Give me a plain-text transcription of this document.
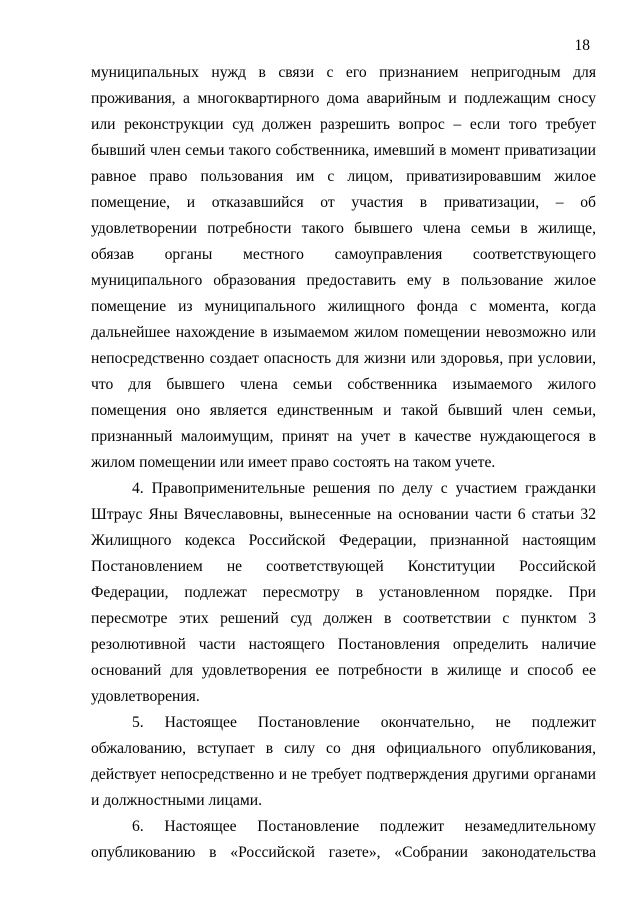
18

муниципальных нужд в связи с его признанием непригодным для проживания, а многоквартирного дома аварийным и подлежащим сносу или реконструкции суд должен разрешить вопрос – если того требует бывший член семьи такого собственника, имевший в момент приватизации равное право пользования им с лицом, приватизировавшим жилое помещение, и отказавшийся от участия в приватизации, – об удовлетворении потребности такого бывшего члена семьи в жилище, обязав органы местного самоуправления соответствующего муниципального образования предоставить ему в пользование жилое помещение из муниципального жилищного фонда с момента, когда дальнейшее нахождение в изымаемом жилом помещении невозможно или непосредственно создает опасность для жизни или здоровья, при условии, что для бывшего члена семьи собственника изымаемого жилого помещения оно является единственным и такой бывший член семьи, признанный малоимущим, принят на учет в качестве нуждающегося в жилом помещении или имеет право состоять на таком учете.

4. Правоприменительные решения по делу с участием гражданки Штраус Яны Вячеславовны, вынесенные на основании части 6 статьи 32 Жилищного кодекса Российской Федерации, признанной настоящим Постановлением не соответствующей Конституции Российской Федерации, подлежат пересмотру в установленном порядке. При пересмотре этих решений суд должен в соответствии с пунктом 3 резолютивной части настоящего Постановления определить наличие оснований для удовлетворения ее потребности в жилище и способ ее удовлетворения.

5. Настоящее Постановление окончательно, не подлежит обжалованию, вступает в силу со дня официального опубликования, действует непосредственно и не требует подтверждения другими органами и должностными лицами.

6. Настоящее Постановление подлежит незамедлительному опубликованию в «Российской газете», «Собрании законодательства
